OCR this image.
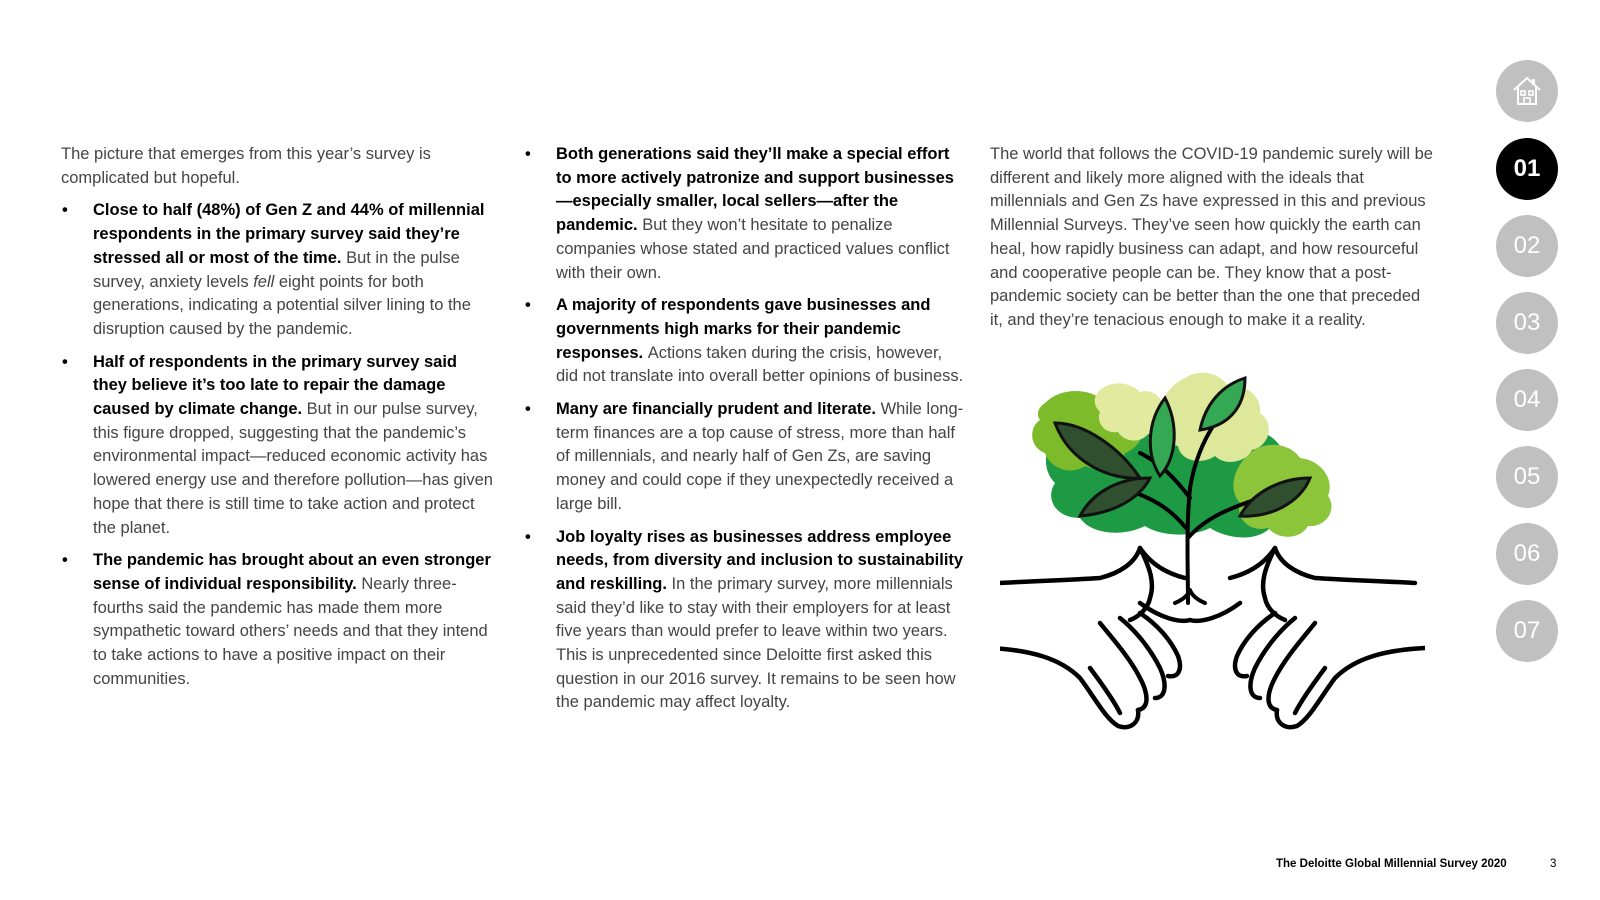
The picture that emerges from this year’s survey is complicated but hopeful.

• Close to half (48%) of Gen Z and 44% of millennial respondents in the primary survey said they’re stressed all or most of the time. But in the pulse survey, anxiety levels fell eight points for both generations, indicating a potential silver lining to the disruption caused by the pandemic.
• Half of respondents in the primary survey said they believe it’s too late to repair the damage caused by climate change. But in our pulse survey, this figure dropped, suggesting that the pandemic’s environmental impact—reduced economic activity has lowered energy use and therefore pollution—has given hope that there is still time to take action and protect the planet.
• The pandemic has brought about an even stronger sense of individual responsibility. Nearly three-fourths said the pandemic has made them more sympathetic toward others’ needs and that they intend to take actions to have a positive impact on their communities.
• Both generations said they’ll make a special effort to more actively patronize and support businesses—especially smaller, local sellers—after the pandemic. But they won’t hesitate to penalize companies whose stated and practiced values conflict with their own.
• A majority of respondents gave businesses and governments high marks for their pandemic responses. Actions taken during the crisis, however, did not translate into overall better opinions of business.
• Many are financially prudent and literate. While long-term finances are a top cause of stress, more than half of millennials, and nearly half of Gen Zs, are saving money and could cope if they unexpectedly received a large bill.
• Job loyalty rises as businesses address employee needs, from diversity and inclusion to sustainability and reskilling. In the primary survey, more millennials said they’d like to stay with their employers for at least five years than would prefer to leave within two years. This is unprecedented since Deloitte first asked this question in our 2016 survey. It remains to be seen how the pandemic may affect loyalty.

The world that follows the COVID-19 pandemic surely will be different and likely more aligned with the ideals that millennials and Gen Zs have expressed in this and previous Millennial Surveys. They’ve seen how quickly the earth can heal, how rapidly business can adapt, and how resourceful and cooperative people can be. They know that a post-pandemic society can be better than the one that preceded it, and they’re tenacious enough to make it a reality.

01
02
03
04
05
06
07
The Deloitte Global Millennial Survey 2020	3
